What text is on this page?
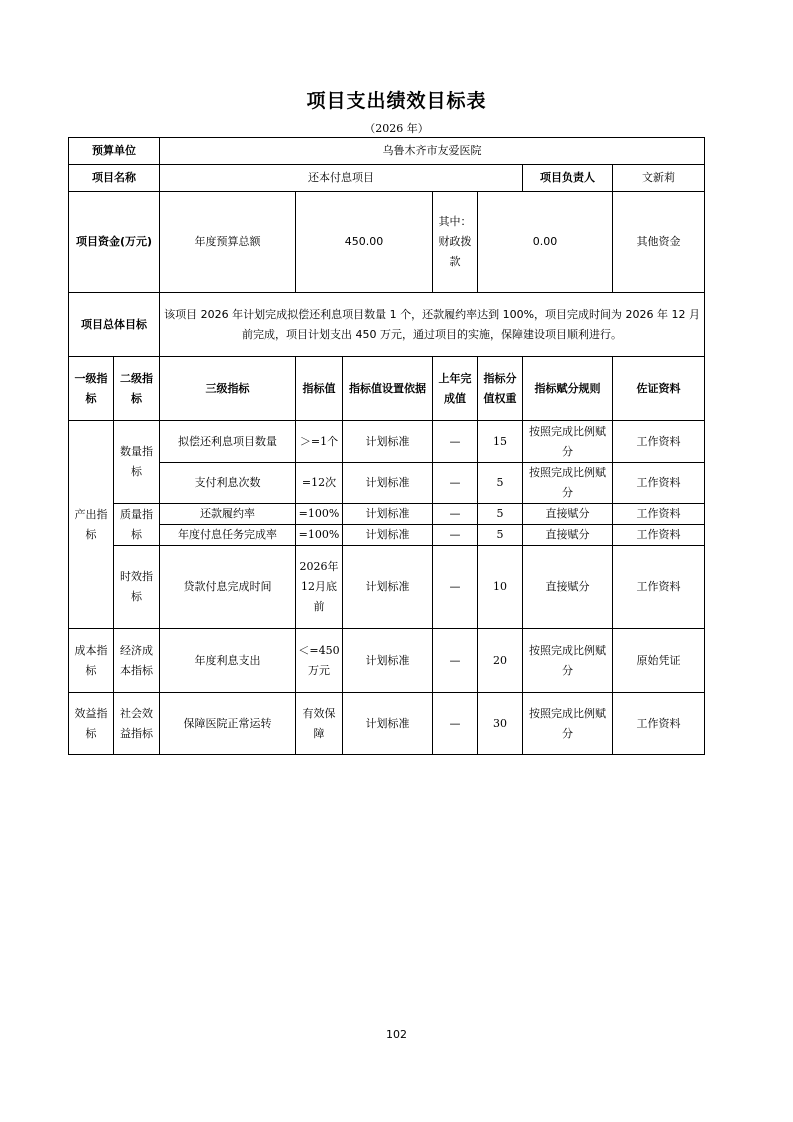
项目支出绩效目标表
（2026 年）
预算单位		乌鲁木齐市友爱医院							
项目名称		还本付息项目					项目负责人	文新莉	
项目资金(万元)		年度预算总额	450.00		其中：财政拨款	0.00		其他资金	
项目总体目标		该项目 2026 年计划完成拟偿还利息项目数量 1 个，还款履约率达到 100%，项目完成时间为 2026 年 12 月前完成，项目计划支出 450 万元，通过项目的实施，保障建设项目顺利进行。							
一级指标	二级指标	三级指标	指标值	指标值设置依据	上年完成值	指标分值权重	指标赋分规则	佐证资料	
产出指标	数量指标	拟偿还利息项目数量	＞=1个	计划标准	—	15	按照完成比例赋分	工作资料	
		支付利息次数	=12次	计划标准	—	5	按照完成比例赋分	工作资料	
	质量指标	还款履约率	=100%	计划标准	—	5	直接赋分	工作资料	
		年度付息任务完成率	=100%	计划标准	—	5	直接赋分	工作资料	
	时效指标	贷款付息完成时间	2026年12月底前	计划标准	—	10	直接赋分	工作资料	
成本指标	经济成本指标	年度利息支出	＜=450万元	计划标准	—	20	按照完成比例赋分	原始凭证	
效益指标	社会效益指标	保障医院正常运转	有效保障	计划标准	—	30	按照完成比例赋分	工作资料	
102
